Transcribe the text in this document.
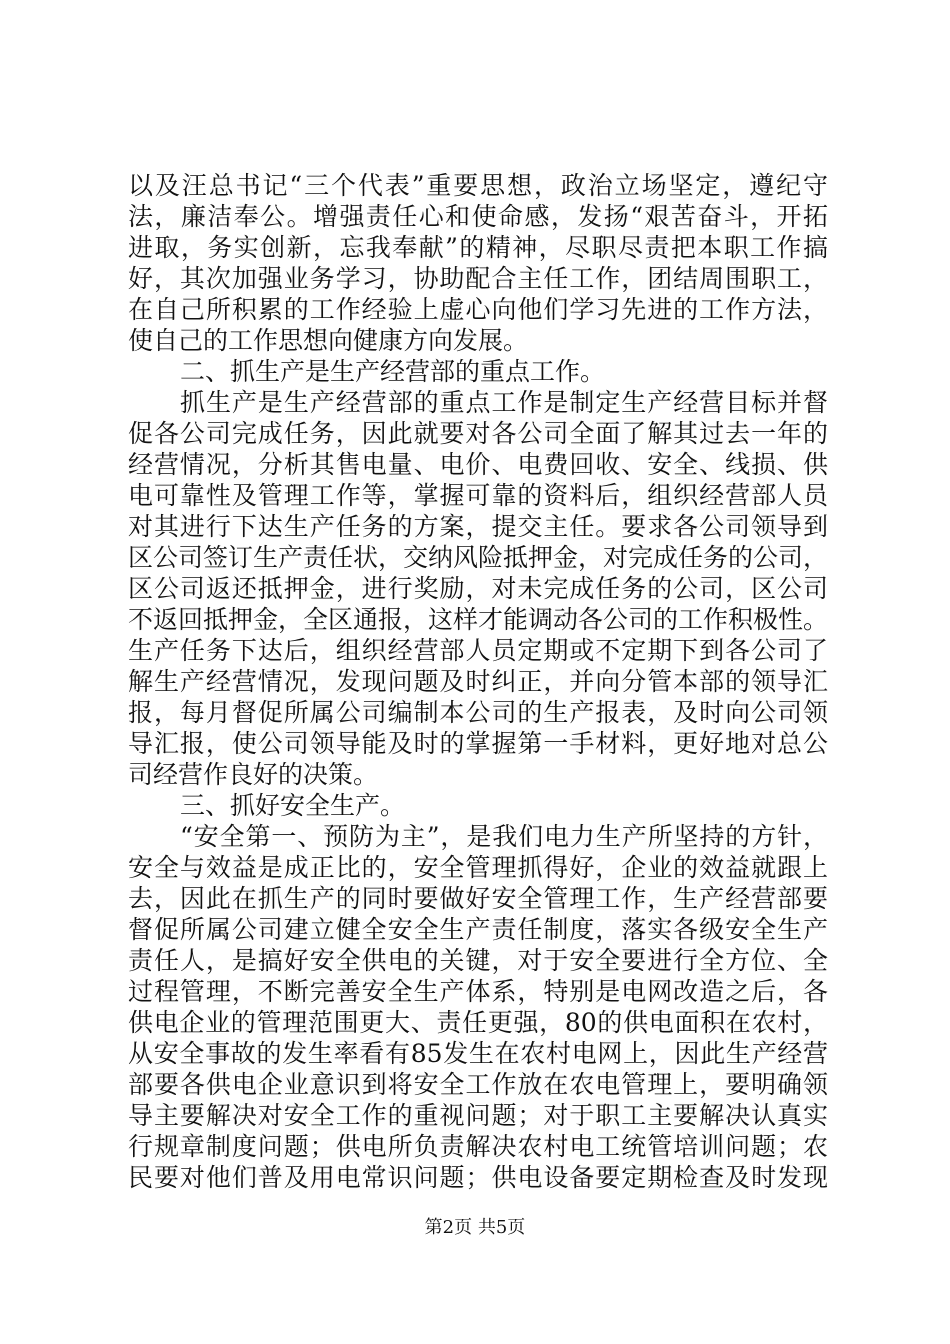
以及汪总书记“三个代表”重要思想，政治立场坚定，遵纪守
法，廉洁奉公。增强责任心和使命感，发扬“艰苦奋斗，开拓
进取，务实创新，忘我奉献”的精神，尽职尽责把本职工作搞
好，其次加强业务学习，协助配合主任工作，团结周围职工，
在自己所积累的工作经验上虚心向他们学习先进的工作方法，
使自己的工作思想向健康方向发展。
二、抓生产是生产经营部的重点工作。
抓生产是生产经营部的重点工作是制定生产经营目标并督
促各公司完成任务，因此就要对各公司全面了解其过去一年的
经营情况，分析其售电量、电价、电费回收、安全、线损、供
电可靠性及管理工作等，掌握可靠的资料后，组织经营部人员
对其进行下达生产任务的方案，提交主任。要求各公司领导到
区公司签订生产责任状，交纳风险抵押金，对完成任务的公司，
区公司返还抵押金，进行奖励，对未完成任务的公司，区公司
不返回抵押金，全区通报，这样才能调动各公司的工作积极性。
生产任务下达后，组织经营部人员定期或不定期下到各公司了
解生产经营情况，发现问题及时纠正，并向分管本部的领导汇
报，每月督促所属公司编制本公司的生产报表，及时向公司领
导汇报，使公司领导能及时的掌握第一手材料，更好地对总公
司经营作良好的决策。
三、抓好安全生产。
“安全第一、预防为主”，是我们电力生产所坚持的方针，
安全与效益是成正比的，安全管理抓得好，企业的效益就跟上
去，因此在抓生产的同时要做好安全管理工作，生产经营部要
督促所属公司建立健全安全生产责任制度，落实各级安全生产
责任人，是搞好安全供电的关键，对于安全要进行全方位、全
过程管理，不断完善安全生产体系，特别是电网改造之后，各
供电企业的管理范围更大、责任更强，80的供电面积在农村，
从安全事故的发生率看有85发生在农村电网上，因此生产经营
部要各供电企业意识到将安全工作放在农电管理上，要明确领
导主要解决对安全工作的重视问题；对于职工主要解决认真实
行规章制度问题；供电所负责解决农村电工统管培训问题；农
民要对他们普及用电常识问题；供电设备要定期检查及时发现
第2页 共5页
